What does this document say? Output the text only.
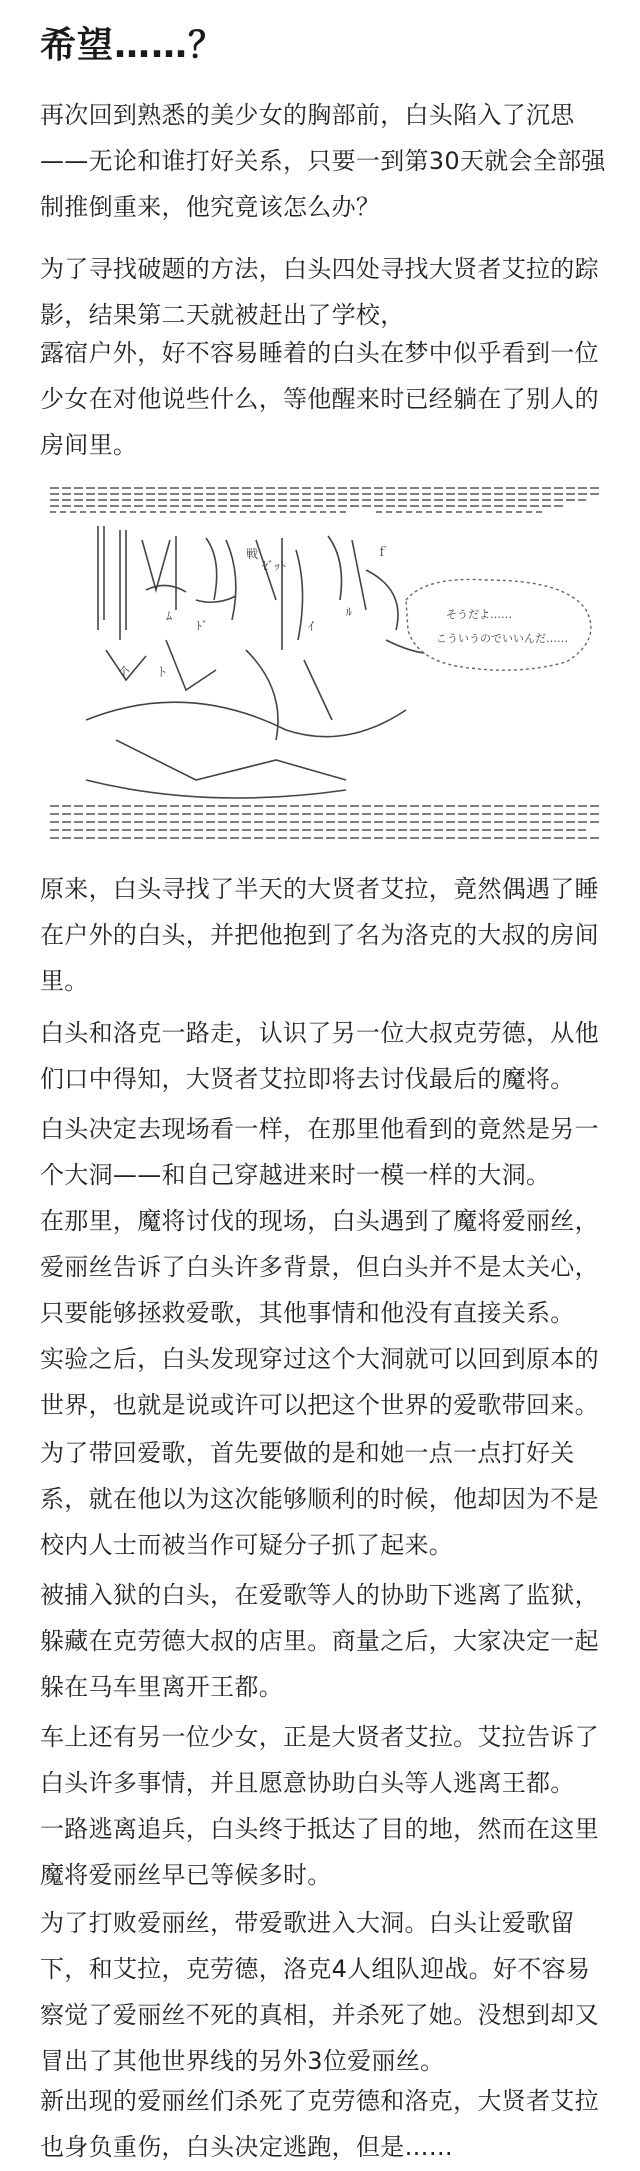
希望……？
再次回到熟悉的美少女的胸部前，白头陷入了沉思
——无论和谁打好关系，只要一到第30天就会全部强
制推倒重来，他究竟该怎么办？
为了寻找破题的方法，白头四处寻找大贤者艾拉的踪
影，结果第二天就被赶出了学校，
露宿户外，好不容易睡着的白头在梦中似乎看到一位
少女在对他说些什么，等他醒来时已经躺在了别人的
房间里。
そうだよ……
こういうのでいいんだ……
戦
ｾﾞｯﾄ
ﾑ
ﾄﾞ	ｲ
ﾙ
个
ｆ
ト
原来，白头寻找了半天的大贤者艾拉，竟然偶遇了睡
在户外的白头，并把他抱到了名为洛克的大叔的房间
里。
白头和洛克一路走，认识了另一位大叔克劳德，从他
们口中得知，大贤者艾拉即将去讨伐最后的魔将。
白头决定去现场看一样，在那里他看到的竟然是另一
个大洞——和自己穿越进来时一模一样的大洞。
在那里，魔将讨伐的现场，白头遇到了魔将爱丽丝，
爱丽丝告诉了白头许多背景，但白头并不是太关心，
只要能够拯救爱歌，其他事情和他没有直接关系。
实验之后，白头发现穿过这个大洞就可以回到原本的
世界，也就是说或许可以把这个世界的爱歌带回来。
为了带回爱歌，首先要做的是和她一点一点打好关
系，就在他以为这次能够顺利的时候，他却因为不是
校内人士而被当作可疑分子抓了起来。
被捕入狱的白头，在爱歌等人的协助下逃离了监狱，
躲藏在克劳德大叔的店里。商量之后，大家决定一起
躲在马车里离开王都。
车上还有另一位少女，正是大贤者艾拉。艾拉告诉了
白头许多事情，并且愿意协助白头等人逃离王都。
一路逃离追兵，白头终于抵达了目的地，然而在这里
魔将爱丽丝早已等候多时。
为了打败爱丽丝，带爱歌进入大洞。白头让爱歌留
下，和艾拉，克劳德，洛克4人组队迎战。好不容易
察觉了爱丽丝不死的真相，并杀死了她。没想到却又
冒出了其他世界线的另外3位爱丽丝。
新出现的爱丽丝们杀死了克劳德和洛克，大贤者艾拉
也身负重伤，白头决定逃跑，但是……
